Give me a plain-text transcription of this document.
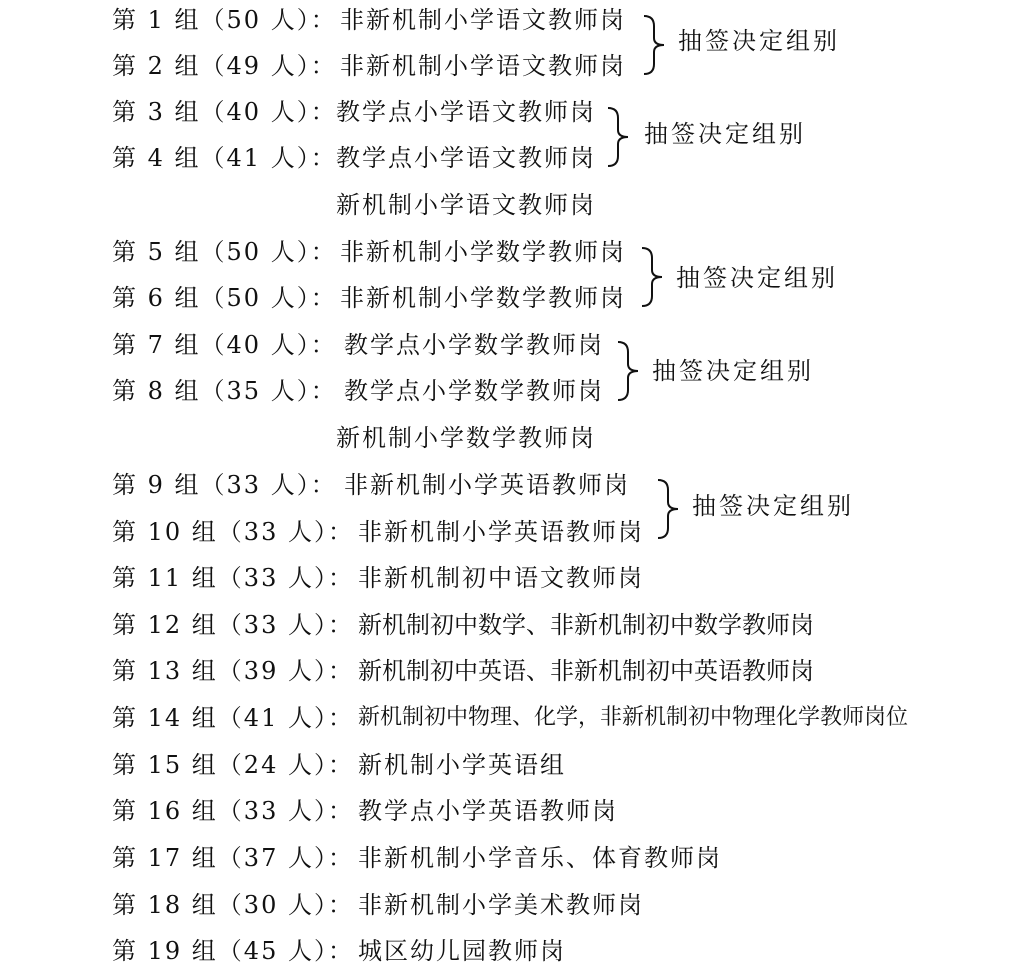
第 1 组（50 人）： 非新机制小学语文教师岗
第 2 组（49 人）： 非新机制小学语文教师岗
第 3 组（40 人）： 教学点小学语文教师岗
第 4 组（41 人）： 教学点小学语文教师岗
新机制小学语文教师岗
第 5 组（50 人）： 非新机制小学数学教师岗
第 6 组（50 人）： 非新机制小学数学教师岗
第 7 组（40 人）： 教学点小学数学教师岗
第 8 组（35 人）： 教学点小学数学教师岗
新机制小学数学教师岗
第 9 组（33 人）： 非新机制小学英语教师岗
第 10 组（33 人）： 非新机制小学英语教师岗
第 11 组（33 人）： 非新机制初中语文教师岗
第 12 组（33 人）： 新机制初中数学、非新机制初中数学教师岗
第 13 组（39 人）： 新机制初中英语、非新机制初中英语教师岗
第 14 组（41 人）： 新机制初中物理、化学，非新机制初中物理化学教师岗位
第 15 组（24 人）： 新机制小学英语组
第 16 组（33 人）： 教学点小学英语教师岗
第 17 组（37 人）： 非新机制小学音乐、体育教师岗
第 18 组（30 人）： 非新机制小学美术教师岗
第 19 组（45 人）： 城区幼儿园教师岗
抽签决定组别
抽签决定组别
抽签决定组别
抽签决定组别
抽签决定组别
